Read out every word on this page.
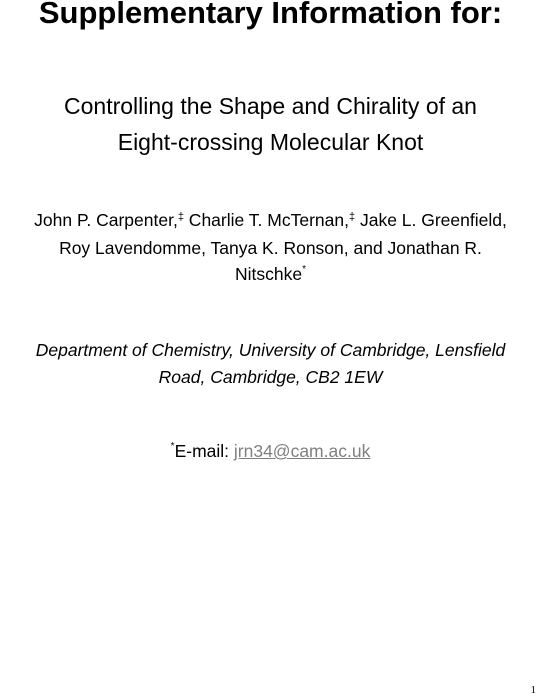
Supplementary Information for:
Controlling the Shape and Chirality of an
Eight-crossing Molecular Knot
John P. Carpenter,‡ Charlie T. McTernan,‡ Jake L. Greenfield,
Roy Lavendomme, Tanya K. Ronson, and Jonathan R.
Nitschke*
Department of Chemistry, University of Cambridge, Lensfield
Road, Cambridge, CB2 1EW
*E-mail: jrn34@cam.ac.uk
1
